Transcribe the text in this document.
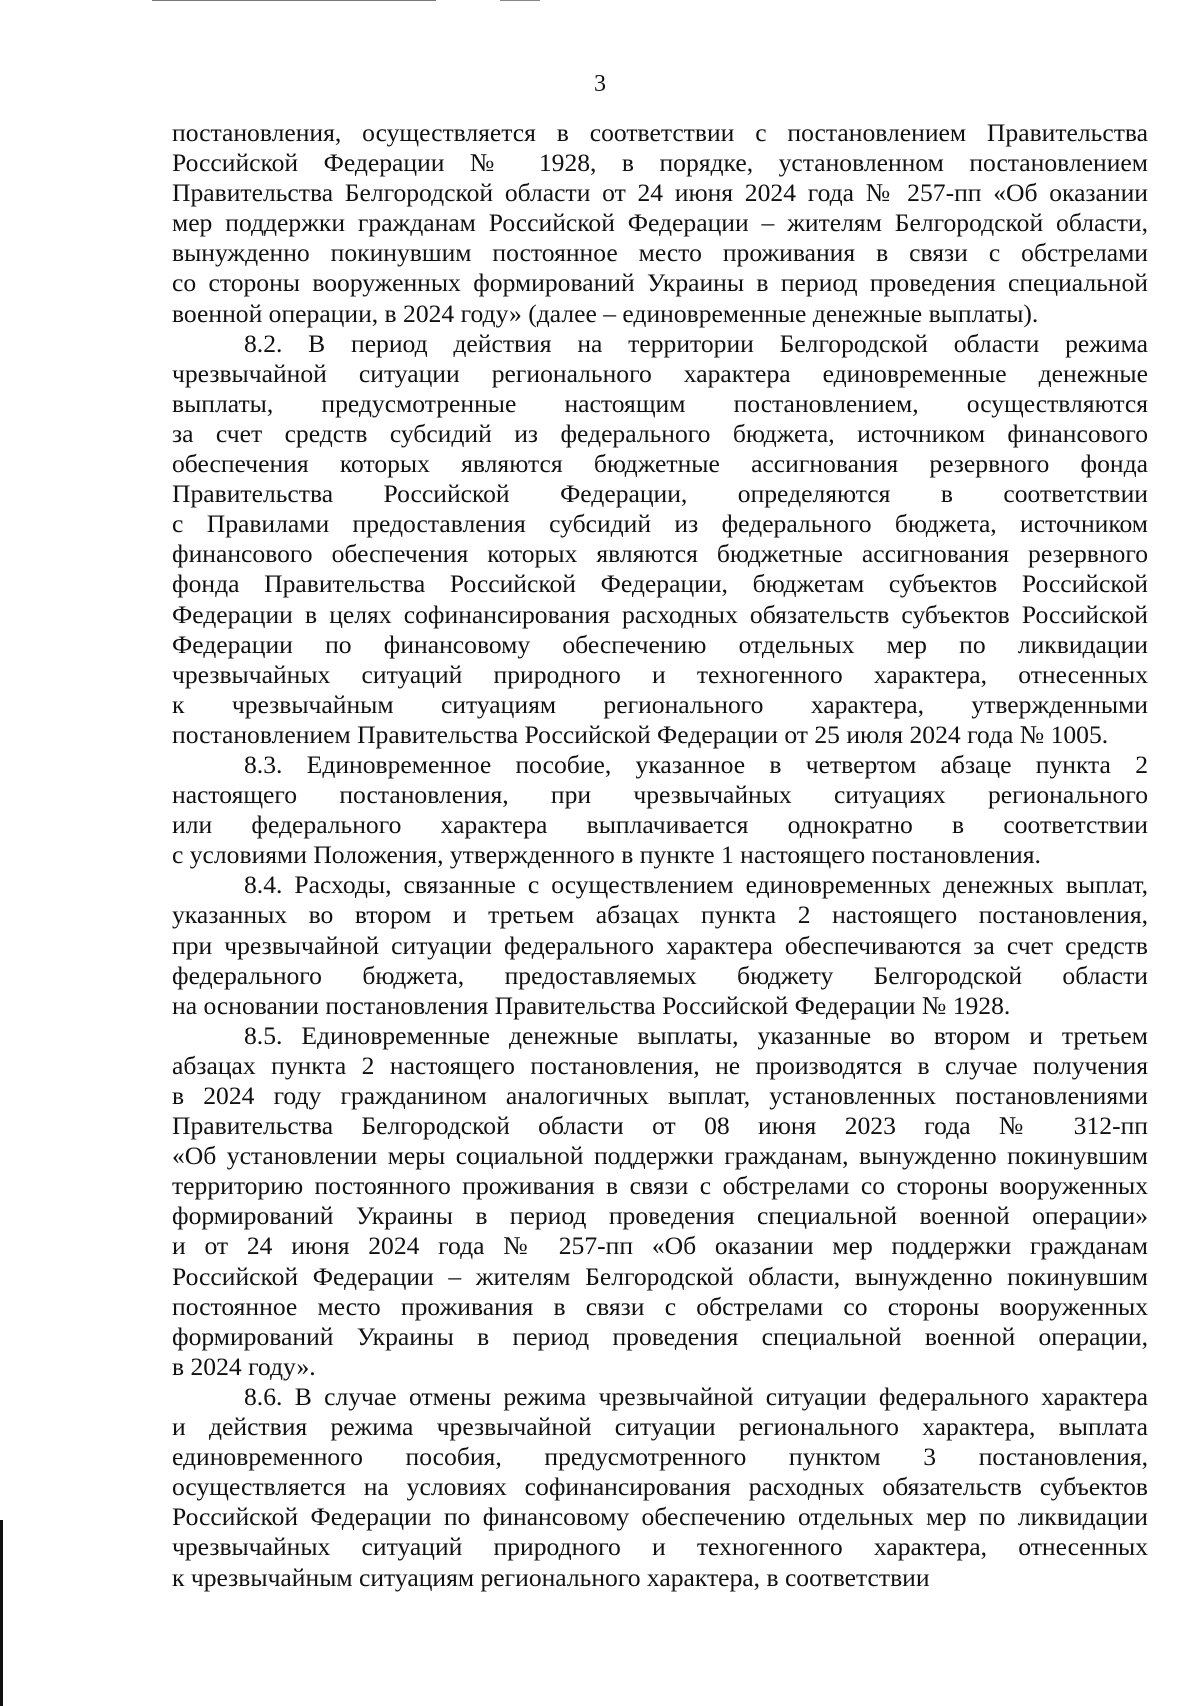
3
постановления, осуществляется в соответствии с постановлением Правительства
Российской Федерации № 1928, в порядке, установленном постановлением
Правительства Белгородской области от 24 июня 2024 года № 257-пп «Об оказании
мер поддержки гражданам Российской Федерации – жителям Белгородской области,
вынужденно покинувшим постоянное место проживания в связи с обстрелами
со стороны вооруженных формирований Украины в период проведения специальной
военной операции, в 2024 году» (далее – единовременные денежные выплаты).
8.2. В период действия на территории Белгородской области режима
чрезвычайной ситуации регионального характера единовременные денежные
выплаты, предусмотренные настоящим постановлением, осуществляются
за счет средств субсидий из федерального бюджета, источником финансового
обеспечения которых являются бюджетные ассигнования резервного фонда
Правительства Российской Федерации, определяются в соответствии
с Правилами предоставления субсидий из федерального бюджета, источником
финансового обеспечения которых являются бюджетные ассигнования резервного
фонда Правительства Российской Федерации, бюджетам субъектов Российской
Федерации в целях софинансирования расходных обязательств субъектов Российской
Федерации по финансовому обеспечению отдельных мер по ликвидации
чрезвычайных ситуаций природного и техногенного характера, отнесенных
к чрезвычайным ситуациям регионального характера, утвержденными
постановлением Правительства Российской Федерации от 25 июля 2024 года № 1005.
8.3. Единовременное пособие, указанное в четвертом абзаце пункта 2
настоящего постановления, при чрезвычайных ситуациях регионального
или федерального характера выплачивается однократно в соответствии
с условиями Положения, утвержденного в пункте 1 настоящего постановления.
8.4. Расходы, связанные с осуществлением единовременных денежных выплат,
указанных во втором и третьем абзацах пункта 2 настоящего постановления,
при чрезвычайной ситуации федерального характера обеспечиваются за счет средств
федерального бюджета, предоставляемых бюджету Белгородской области
на основании постановления Правительства Российской Федерации № 1928.
8.5. Единовременные денежные выплаты, указанные во втором и третьем
абзацах пункта 2 настоящего постановления, не производятся в случае получения
в 2024 году гражданином аналогичных выплат, установленных постановлениями
Правительства Белгородской области от 08 июня 2023 года № 312-пп
«Об установлении меры социальной поддержки гражданам, вынужденно покинувшим
территорию постоянного проживания в связи с обстрелами со стороны вооруженных
формирований Украины в период проведения специальной военной операции»
и от 24 июня 2024 года № 257-пп «Об оказании мер поддержки гражданам
Российской Федерации – жителям Белгородской области, вынужденно покинувшим
постоянное место проживания в связи с обстрелами со стороны вооруженных
формирований Украины в период проведения специальной военной операции,
в 2024 году».
8.6. В случае отмены режима чрезвычайной ситуации федерального характера
и действия режима чрезвычайной ситуации регионального характера, выплата
единовременного пособия, предусмотренного пунктом 3 постановления,
осуществляется на условиях софинансирования расходных обязательств субъектов
Российской Федерации по финансовому обеспечению отдельных мер по ликвидации
чрезвычайных ситуаций природного и техногенного характера, отнесенных
к чрезвычайным ситуациям регионального характера, в соответствии
